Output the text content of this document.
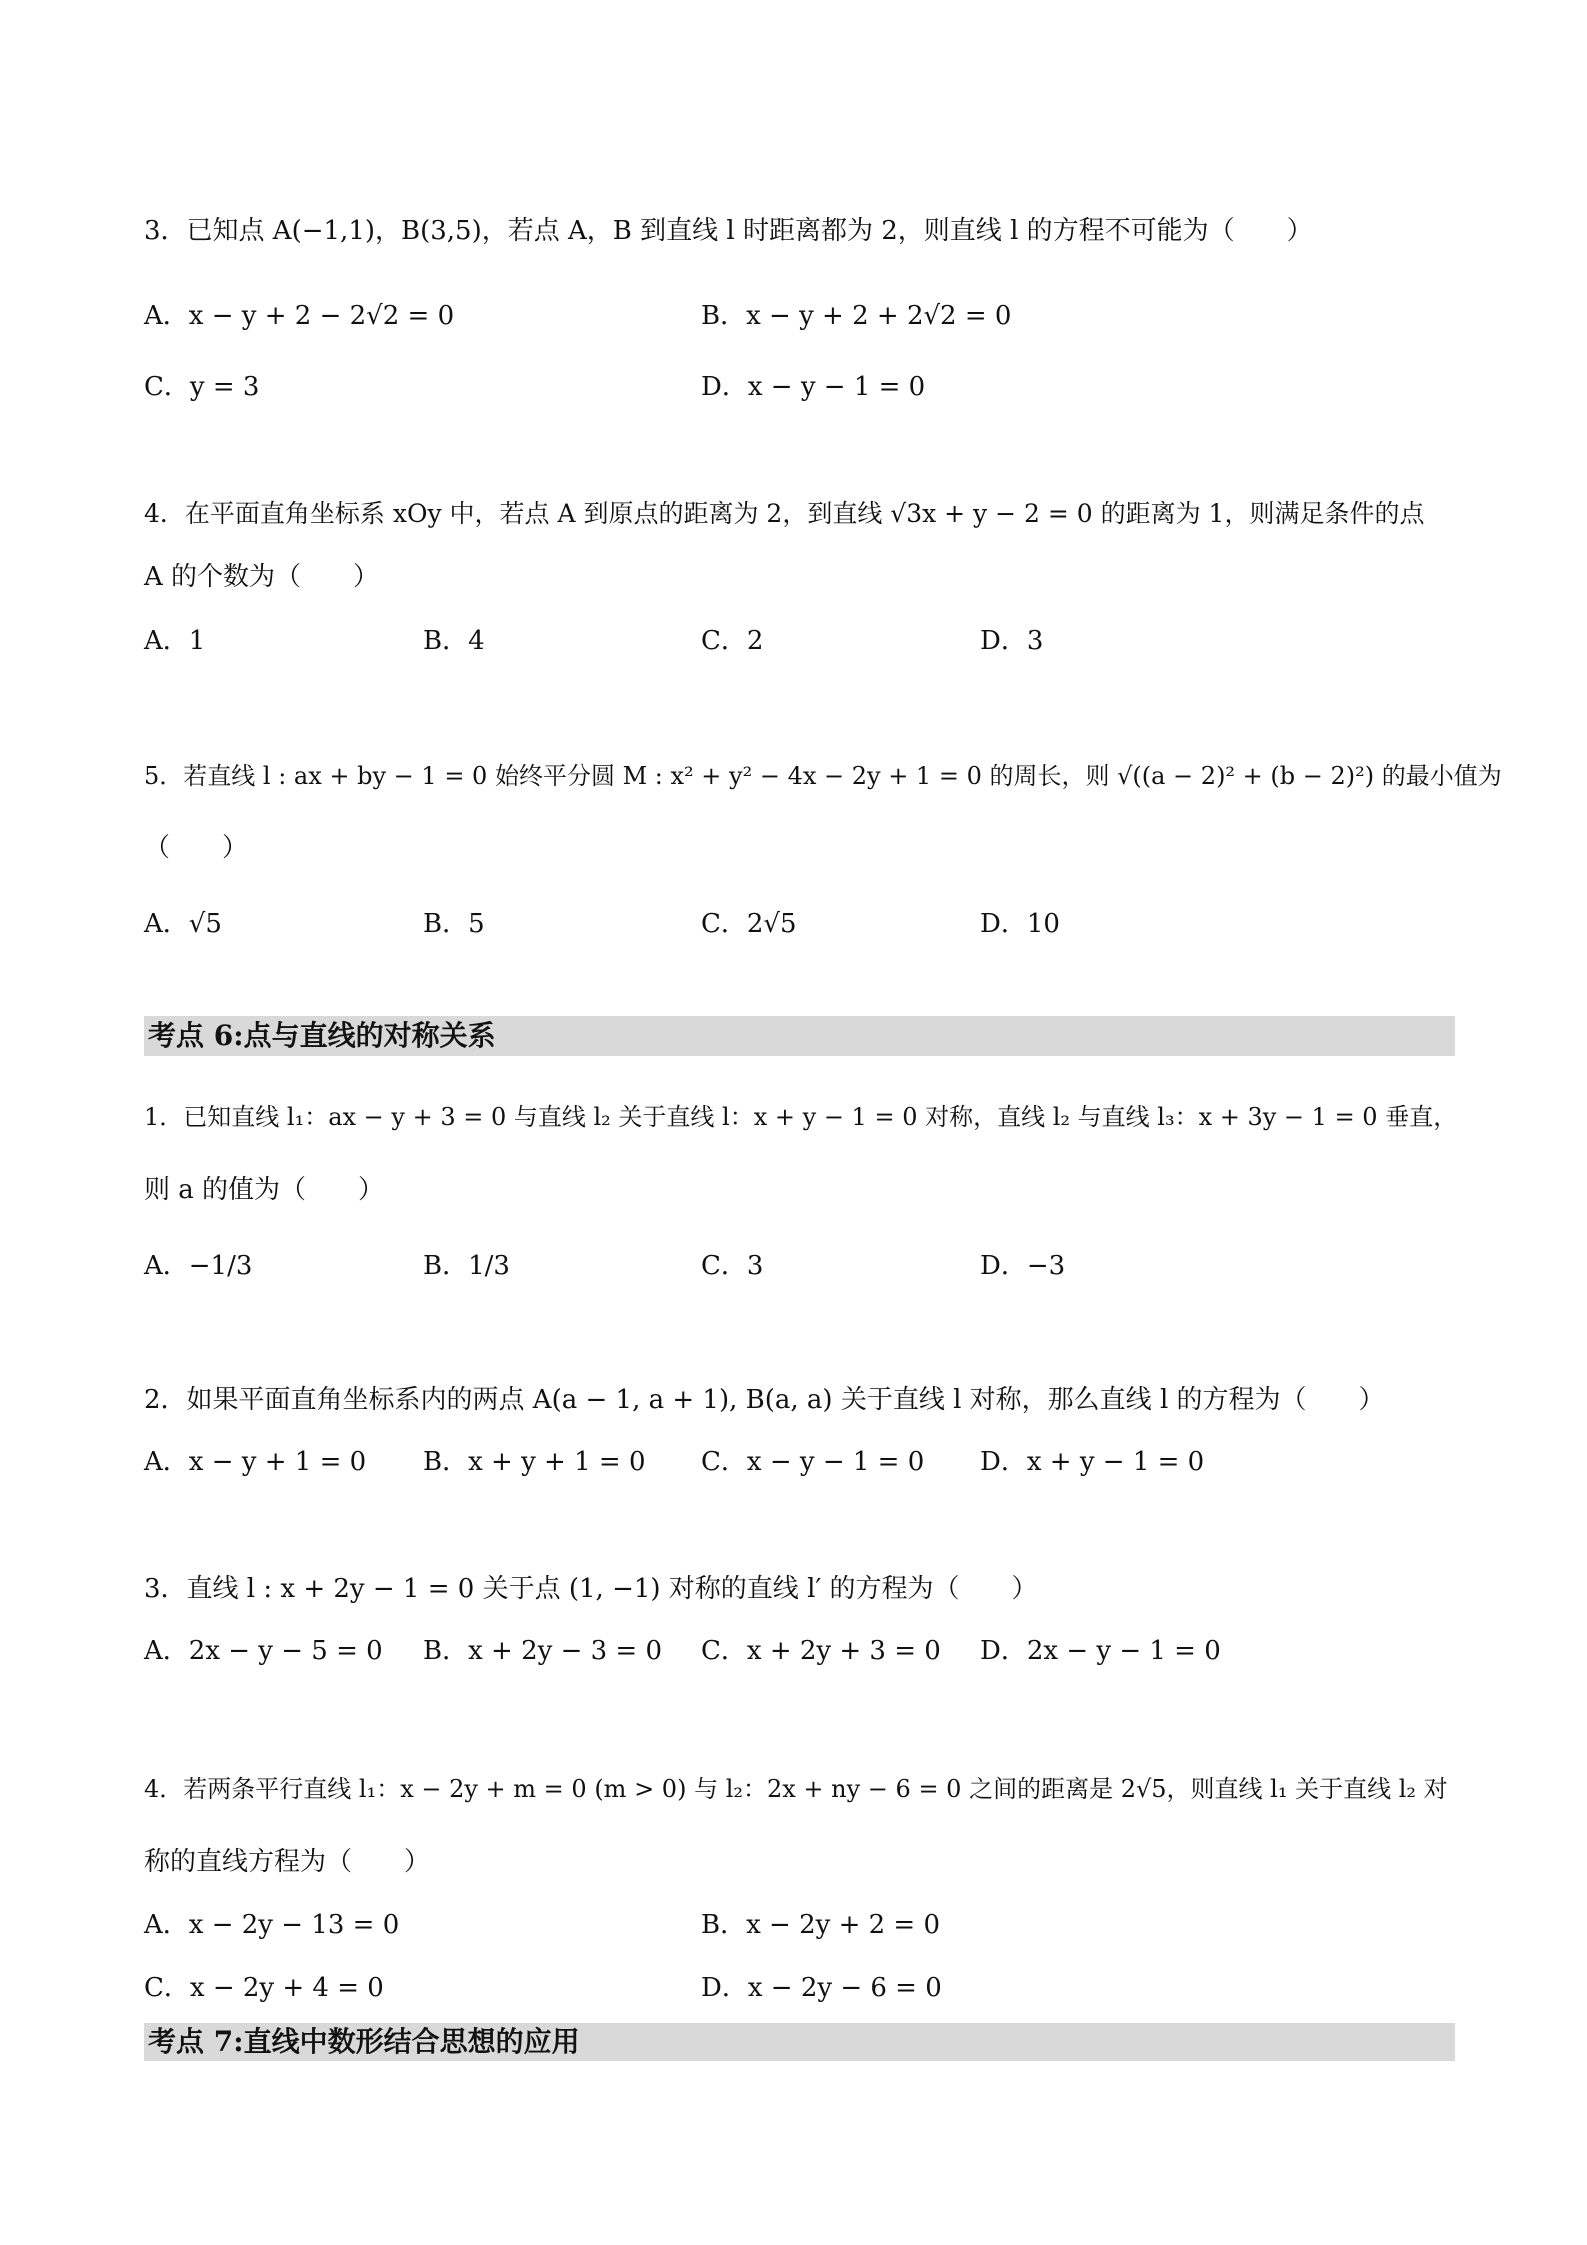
3．已知点 A(−1,1)，B(3,5)，若点 A，B 到直线 l 时距离都为 2，则直线 l 的方程不可能为（　　）
A．x − y + 2 − 2√2 = 0	B．x − y + 2 + 2√2 = 0
C．y = 3	D．x − y − 1 = 0
4．在平面直角坐标系 xOy 中，若点 A 到原点的距离为 2，到直线 √3x + y − 2 = 0 的距离为 1，则满足条件的点
A 的个数为（　　）
A．1	B．4	C．2	D．3
5．若直线 l : ax + by − 1 = 0 始终平分圆 M : x² + y² − 4x − 2y + 1 = 0 的周长，则 √((a − 2)² + (b − 2)²) 的最小值为
（　　）
A．√5	B．5	C．2√5	D．10
考点 6:点与直线的对称关系
1．已知直线 l₁：ax − y + 3 = 0 与直线 l₂ 关于直线 l：x + y − 1 = 0 对称，直线 l₂ 与直线 l₃：x + 3y − 1 = 0 垂直，
则 a 的值为（　　）
A．−1/3	B．1/3	C．3	D．−3
2．如果平面直角坐标系内的两点 A(a − 1, a + 1), B(a, a) 关于直线 l 对称，那么直线 l 的方程为（　　）
A．x − y + 1 = 0 B．x + y + 1 = 0 C．x − y − 1 = 0 D．x + y − 1 = 0
3．直线 l : x + 2y − 1 = 0 关于点 (1, −1) 对称的直线 l′ 的方程为（　　）
A．2x − y − 5 = 0 B．x + 2y − 3 = 0 C．x + 2y + 3 = 0 D．2x − y − 1 = 0
4．若两条平行直线 l₁：x − 2y + m = 0 (m > 0) 与 l₂：2x + ny − 6 = 0 之间的距离是 2√5，则直线 l₁ 关于直线 l₂ 对
称的直线方程为（　　）
A．x − 2y − 13 = 0	B．x − 2y + 2 = 0
C．x − 2y + 4 = 0	D．x − 2y − 6 = 0
考点 7:直线中数形结合思想的应用
